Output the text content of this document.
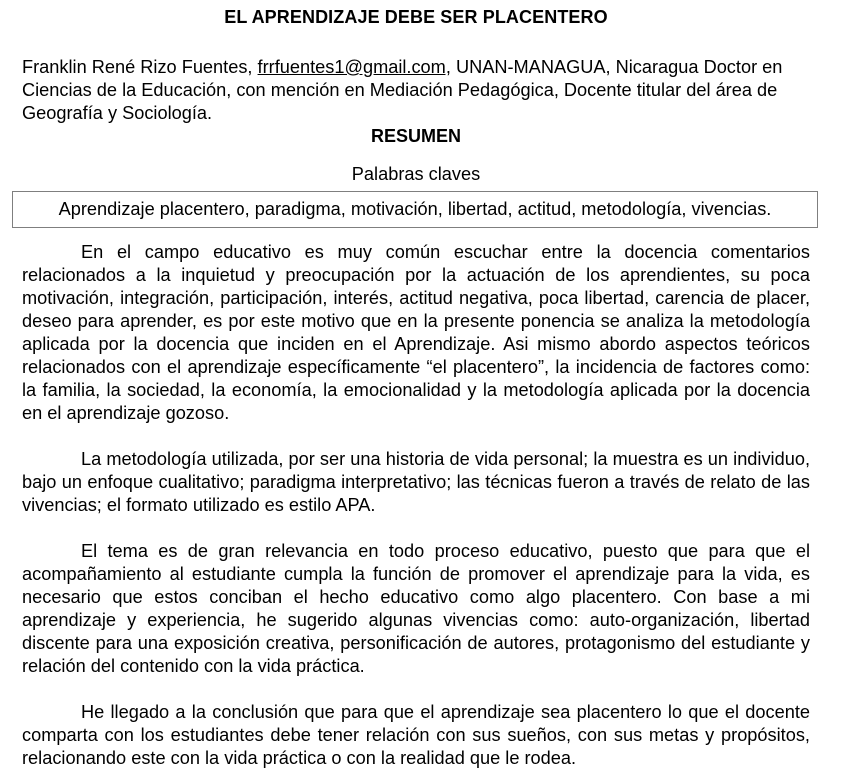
EL APRENDIZAJE DEBE SER PLACENTERO
Franklin René Rizo Fuentes, frrfuentes1@gmail.com, UNAN-MANAGUA, Nicaragua Doctor en Ciencias de la Educación, con mención en Mediación Pedagógica, Docente titular del área de Geografía y Sociología.
RESUMEN
Palabras claves
Aprendizaje placentero, paradigma, motivación, libertad, actitud, metodología, vivencias.

En el campo educativo es muy común escuchar entre la docencia comentarios relacionados a la inquietud y preocupación por la actuación de los aprendientes, su poca motivación, integración, participación, interés, actitud negativa, poca libertad, carencia de placer, deseo para aprender, es por este motivo que en la presente ponencia se analiza la metodología aplicada por la docencia que inciden en el Aprendizaje. Asi mismo abordo aspectos teóricos relacionados con el aprendizaje específicamente “el placentero”, la incidencia de factores como: la familia, la sociedad, la economía, la emocionalidad y la metodología aplicada por la docencia en el aprendizaje gozoso.

La metodología utilizada, por ser una historia de vida personal; la muestra es un individuo, bajo un enfoque cualitativo; paradigma interpretativo; las técnicas fueron a través de relato de las vivencias; el formato utilizado es estilo APA.

El tema es de gran relevancia en todo proceso educativo, puesto que para que el acompañamiento al estudiante cumpla la función de promover el aprendizaje para la vida, es necesario que estos conciban el hecho educativo como algo placentero. Con base a mi aprendizaje y experiencia, he sugerido algunas vivencias como: auto-organización, libertad discente para una exposición creativa, personificación de autores, protagonismo del estudiante y relación del contenido con la vida práctica.

He llegado a la conclusión que para que el aprendizaje sea placentero lo que el docente comparta con los estudiantes debe tener relación con sus sueños, con sus metas y propósitos, relacionando este con la vida práctica o con la realidad que le rodea.
